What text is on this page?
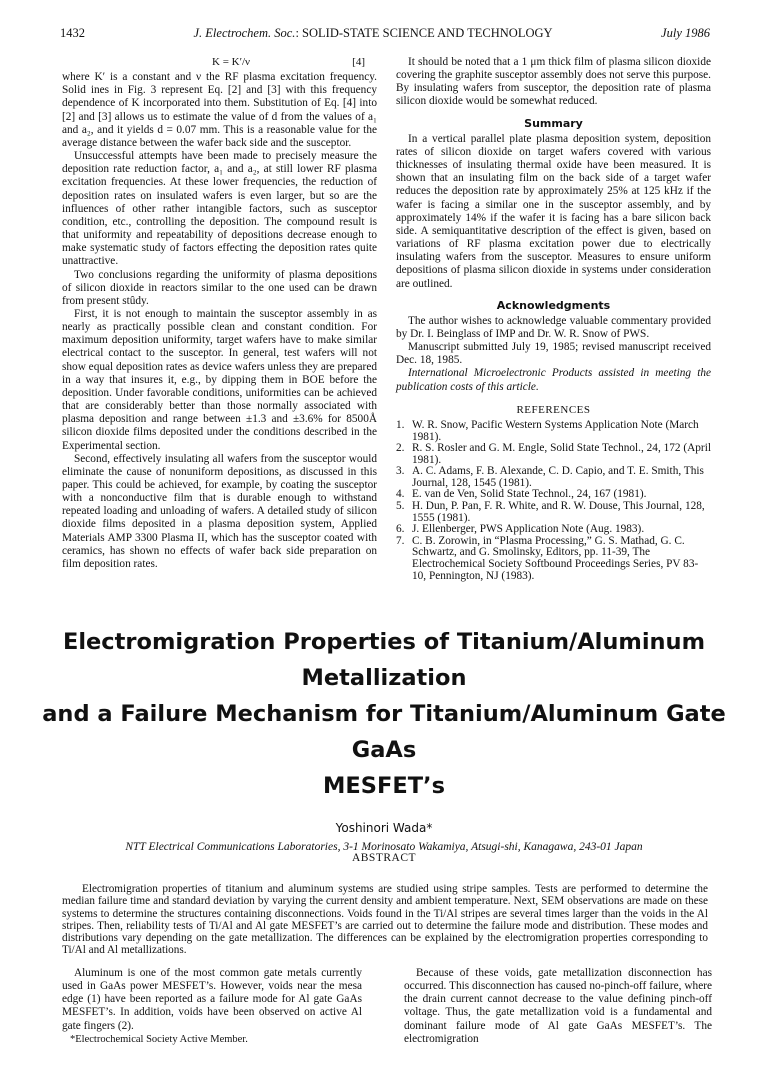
1432	J. Electrochem. Soc.: SOLID-STATE SCIENCE AND TECHNOLOGY	July 1986
K = K′/ν	[4]

where K′ is a constant and ν the RF plasma excitation frequency. Solid ines in Fig. 3 represent Eq. [2] and [3] with this frequency dependence of K incorporated into them. Substitution of Eq. [4] into [2] and [3] allows us to estimate the value of d from the values of a₁ and a₂, and it yields d = 0.07 mm. This is a reasonable value for the average distance between the wafer back side and the susceptor.

Unsuccessful attempts have been made to precisely measure the deposition rate reduction factor, a₁ and a₂, at still lower RF plasma excitation frequencies. At these lower frequencies, the reduction of deposition rates on insulated wafers is even larger, but so are the influences of other rather intangible factors, such as susceptor condition, etc., controlling the deposition. The compound result is that uniformity and repeatability of depositions decrease enough to make systematic study of factors effecting the deposition rates quite unattractive.

Two conclusions regarding the uniformity of plasma depositions of silicon dioxide in reactors similar to the one used can be drawn from present stûdy.

First, it is not enough to maintain the susceptor assembly in as nearly as practically possible clean and constant condition. For maximum deposition uniformity, target wafers have to make similar electrical contact to the susceptor. In general, test wafers will not show equal deposition rates as device wafers unless they are prepared in a way that insures it, e.g., by dipping them in BOE before the deposition. Under favorable conditions, uniformities can be achieved that are considerably better than those normally associated with plasma deposition and range between ±1.3 and ±3.6% for 8500Å silicon dioxide films deposited under the conditions described in the Experimental section.

Second, effectively insulating all wafers from the susceptor would eliminate the cause of nonuniform depositions, as discussed in this paper. This could be achieved, for example, by coating the susceptor with a nonconductive film that is durable enough to withstand repeated loading and unloading of wafers. A detailed study of silicon dioxide films deposited in a plasma deposition system, Applied Materials AMP 3300 Plasma II, which has the susceptor coated with ceramics, has shown no effects of wafer back side preparation on film deposition rates.

It should be noted that a 1 μm thick film of plasma silicon dioxide covering the graphite susceptor assembly does not serve this purpose. By insulating wafers from susceptor, the deposition rate of plasma silicon dioxide would be somewhat reduced.

Summary

In a vertical parallel plate plasma deposition system, deposition rates of silicon dioxide on target wafers covered with various thicknesses of insulating thermal oxide have been measured. It is shown that an insulating film on the back side of a target wafer reduces the deposition rate by approximately 25% at 125 kHz if the wafer is facing a similar one in the susceptor assembly, and by approximately 14% if the wafer it is facing has a bare silicon back side. A semiquantitative description of the effect is given, based on variations of RF plasma excitation power due to electrically insulating wafers from the susceptor. Measures to ensure uniform depositions of plasma silicon dioxide in systems under consideration are outlined.

Acknowledgments

The author wishes to acknowledge valuable commentary provided by Dr. I. Beinglass of IMP and Dr. W. R. Snow of PWS.

Manuscript submitted July 19, 1985; revised manuscript received Dec. 18, 1985.

International Microelectronic Products assisted in meeting the publication costs of this article.

REFERENCES
1. W. R. Snow, Pacific Western Systems Application Note (March 1981).
2. R. S. Rosler and G. M. Engle, Solid State Technol., 24, 172 (April 1981).
3. A. C. Adams, F. B. Alexande, C. D. Capio, and T. E. Smith, This Journal, 128, 1545 (1981).
4. E. van de Ven, Solid State Technol., 24, 167 (1981).
5. H. Dun, P. Pan, F. R. White, and R. W. Douse, This Journal, 128, 1555 (1981).
6. J. Ellenberger, PWS Application Note (Aug. 1983).
7. C. B. Zorowin, in “Plasma Processing,” G. S. Mathad, G. C. Schwartz, and G. Smolinsky, Editors, pp. 11-39, The Electrochemical Society Softbound Proceedings Series, PV 83-10, Pennington, NJ (1983).
Electromigration Properties of Titanium/Aluminum Metallization
and a Failure Mechanism for Titanium/Aluminum Gate GaAs
MESFET’s
Yoshinori Wada*
NTT Electrical Communications Laboratories, 3-1 Morinosato Wakamiya, Atsugi-shi, Kanagawa, 243-01 Japan
ABSTRACT

Electromigration properties of titanium and aluminum systems are studied using stripe samples. Tests are performed to determine the median failure time and standard deviation by varying the current density and ambient temperature. Next, SEM observations are made on these systems to determine the structures containing disconnections. Voids found in the Ti/Al stripes are several times larger than the voids in the Al stripes. Then, reliability tests of Ti/Al and Al gate MESFET’s are carried out to determine the failure mode and distribution. These modes and distributions vary depending on the gate metallization. The differences can be explained by the electromigration properties corresponding to Ti/Al and Al metallizations.

Aluminum is one of the most common gate metals currently used in GaAs power MESFET’s. However, voids near the mesa edge (1) have been reported as a failure mode for Al gate GaAs MESFET’s. In addition, voids have been observed on active Al gate fingers (2).

*Electrochemical Society Active Member.

Because of these voids, gate metallization disconnection has occurred. This disconnection has caused no-pinch-off failure, where the drain current cannot decrease to the value defining pinch-off voltage. Thus, the gate metallization void is a fundamental and dominant failure mode of Al gate GaAs MESFET’s. The electromigration
